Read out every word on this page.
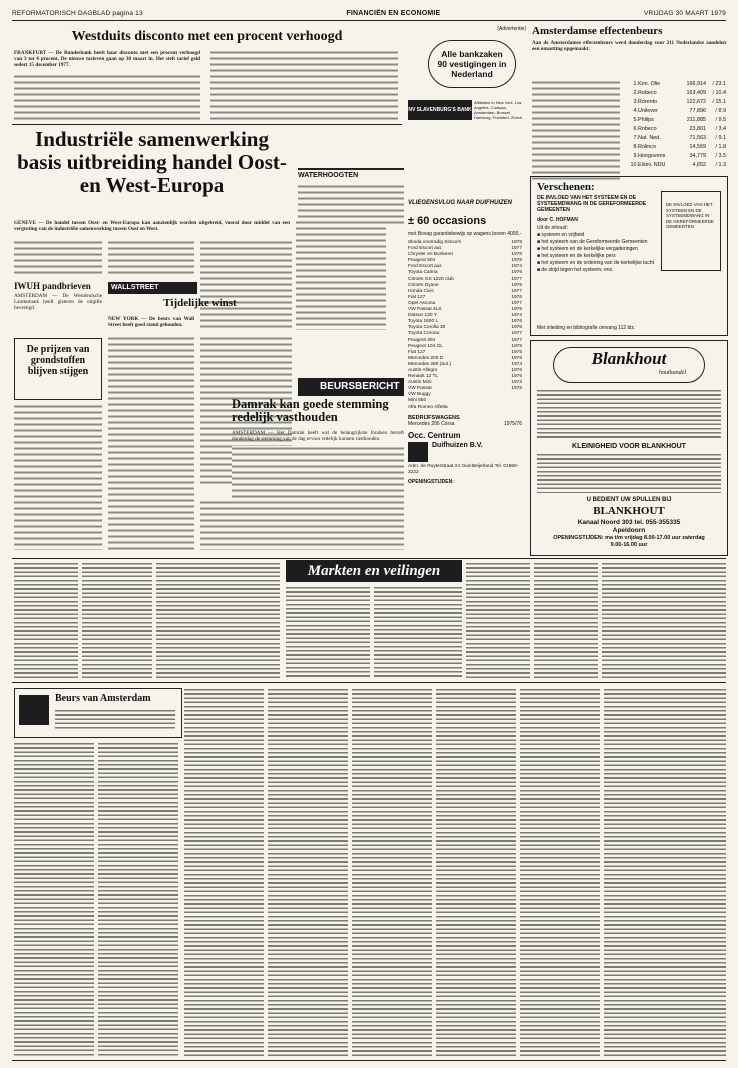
REFORMATORISCH DAGBLAD pagina 13	FINANCIËN EN ECONOMIE	VRIJDAG 30 MAART 1979
Westduits disconto met een procent verhoogd
FRANKFURT — De Bundesbank heeft haar disconto met een procent verhoogd van 3 tot 4 procent. De nieuwe tarieven gaan op 30 maart in. Het stelt tarief geld sedert 15 december 1977.
(Advertentie)
Alle bankzaken 90 vestigingen in Nederland
NV SLAVENBURG'S BANK
Affiliation to New York, Los Angeles, Curaçao, Amsterdam, Brussel, Hamburg, Frankfurt, Zürich
Amsterdamse effectenbeurs
Aan de Amsterdamse effectenbeurs werd donderdag voor 211 Nederlandse aandelen een omzetting opgemaakt.
1. Kon. Olie	166,914	/ 23.1
2. Robeco	163,409	/ 10.4
3. Rorento	122,672	/ 15.1
4. Unilever	77,896	/ 8.9
5. Philips	211,885	/ 9.5
6. Robeco	23,801	/ 3.4
7. Nat. Ned.	71,563	/ 9.1
8. Rolinco	14,569	/ 1.8
9. Hoogovens	34,779	/ 3.5
10. Elsev. NDU	4,652	/ 1.3
Industriële samenwerking basis uitbreiding handel Oost- en West-Europa
GENEVE — De handel tussen Oost- en West-Europa kan aanzienlijk worden uitgebreid, vooral door middel van een vergroting van de industriële samenwerking tussen Oost en West.
IWUH pandbrieven
AMSTERDAM — De Westdeutsche Landesbank heeft gisteren de uitgifte bevestigd.
De prijzen van grondstoffen blijven stijgen
WALLSTREET
Tijdelijke winst
NEW YORK — De beurs van Wall Street heeft goed stand gehouden.
WATERHOOGTEN
VLIEGENSVLUG NAAR DUIFHUIZEN
± 60 occasions
met Bovag garantiebewijs op wagens boven 4000,-
Skoda voorradig Simca's	1978
Ford Escort aut.	1977
Chrysler en Bunkerer	1976
Peugeot 504	1976
Ford Escort aut.	1974
Toyota Carina	1976
Citroën GS 1220 club	1977
Citroën Dyane	1976
Honda Civic	1977
Fiat 127	1976
Opel Ascona	1977
VW Passat 4LS	1976
Datsun 120 Y	1974
Toyota 1600 L	1976
Toyota Corolla 30	1976
Toyota Corona	1977
Peugeot 304	1977
Peugeot 104 GL	1975
Fiat 127	1975
Mercedes 200 D	1976
Mercedes 280 (aut.)	1974
Austin Allegro	1976
Renault 12 TL	1976
Austin Mini	1973
VW Passat	1975
VW Buggy
Mini 850
Alfa Romeo Alfetta
BEDRIJFSWAGENS
Mercedes 206 Corsa	1975/76
Occ. Centrum
Duifhuizen B.V.
Adm. de Ruyterstraat 24 Oud-Beijerland Tel. 01860-2222
OPENINGSTIJDEN:
BEURSBERICHT
Damrak kan goede stemming redelijk vasthouden
AMSTERDAM — Het Damrak heeft wat de belangrijkste fondsen betreft donderdag de stemming van de dag ervoor redelijk kunnen vasthouden.
Verschenen:
DE INVLOED VAN HET SYSTEEM EN DE SYSTEEMDWANG IN DE GEREFORMEERDE GEMEENTEN
door C. HOFMAN
Uit de inhoud:
■ systeem en vrijheid
■ het systeem van de Gereformeerde Gemeenten
■ het systeem en de kerkelijke vergaderingen
■ het systeem en de kerkelijke pers
■ het systeem en de ordening van de kerkelijke tucht
■ de strijd tegen het systeem, enz.
DE INVLOED VAN HET SYSTEEM EN DE SYSTEEMDWANG IN DE GEREFORMEERDE GEMEENTEN
Met inleiding en bibliografie omvang 112 blz.
Blankhout
houthandel
KLEINIGHEID VOOR BLANKHOUT
U BEDIENT UW SPULLEN BIJ
BLANKHOUT
Kanaal Noord 303 tel. 055-355335
Apeldoorn
OPENINGSTIJDEN: ma t/m vrijdag 8.00-17.00 uur zaterdag 9.00-16.00 uur
Markten en veilingen
Beurs van Amsterdam
